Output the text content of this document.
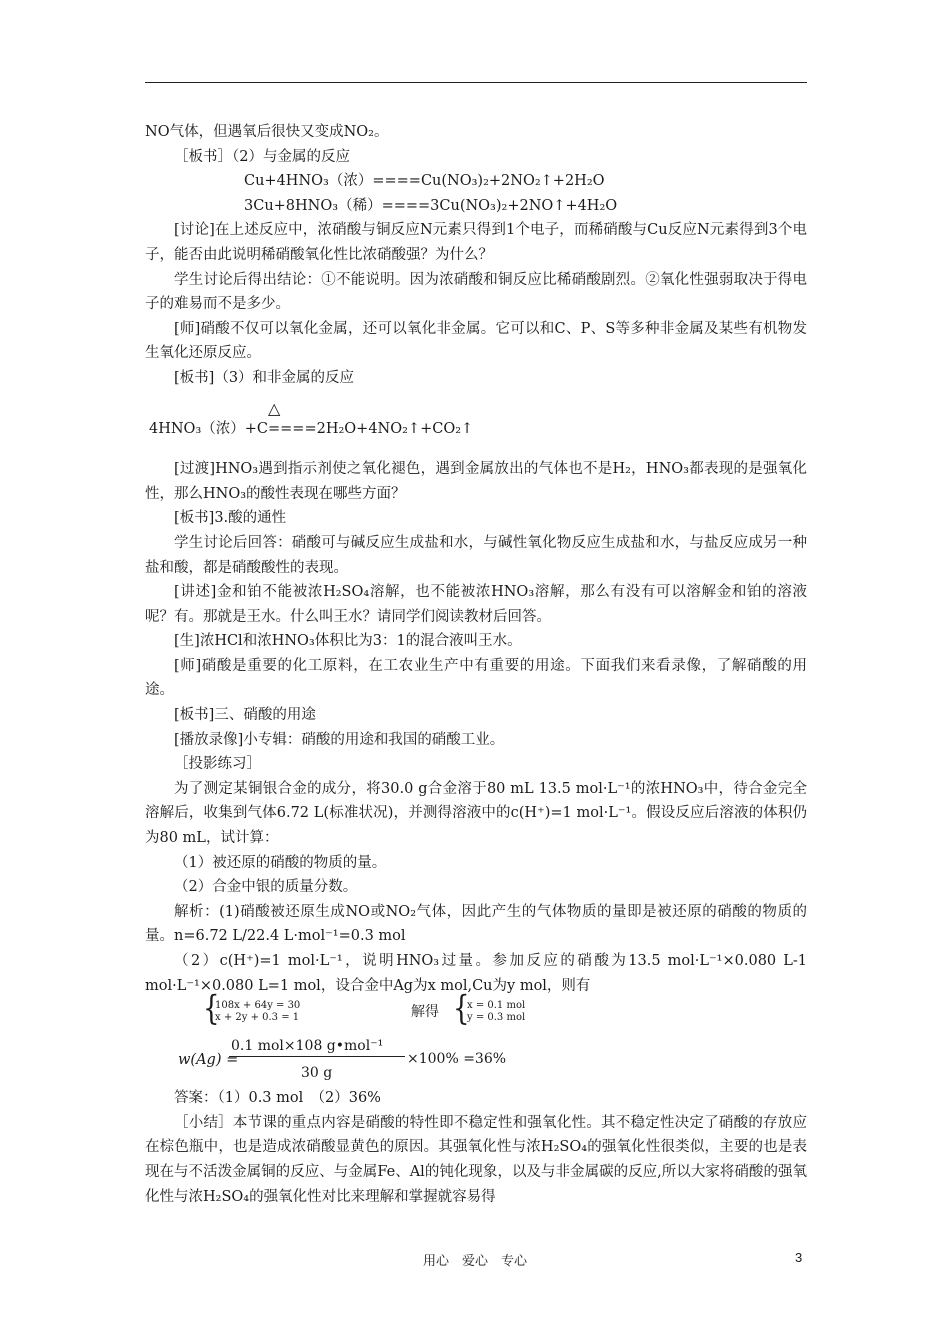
NO气体，但遇氧后很快又变成NO₂。

［板书］（2）与金属的反应

Cu+4HNO₃（浓）====Cu(NO₃)₂+2NO₂↑+2H₂O

3Cu+8HNO₃（稀）====3Cu(NO₃)₂+2NO↑+4H₂O

[讨论]在上述反应中，浓硝酸与铜反应N元素只得到1个电子，而稀硝酸与Cu反应N元素得到3个电子，能否由此说明稀硝酸氧化性比浓硝酸强？为什么？

学生讨论后得出结论：①不能说明。因为浓硝酸和铜反应比稀硝酸剧烈。②氧化性强弱取决于得电子的难易而不是多少。

[师]硝酸不仅可以氧化金属，还可以氧化非金属。它可以和C、P、S等多种非金属及某些有机物发生氧化还原反应。

[板书]（3）和非金属的反应

△

4HNO₃（浓）+C====2H₂O+4NO₂↑+CO₂↑

[过渡]HNO₃遇到指示剂使之氧化褪色，遇到金属放出的气体也不是H₂，HNO₃都表现的是强氧化性，那么HNO₃的酸性表现在哪些方面？

[板书]3.酸的通性

学生讨论后回答：硝酸可与碱反应生成盐和水，与碱性氧化物反应生成盐和水，与盐反应成另一种盐和酸，都是硝酸酸性的表现。

[讲述]金和铂不能被浓H₂SO₄溶解，也不能被浓HNO₃溶解，那么有没有可以溶解金和铂的溶液呢？有。那就是王水。什么叫王水？请同学们阅读教材后回答。

[生]浓HCl和浓HNO₃体积比为3：1的混合液叫王水。

[师]硝酸是重要的化工原料，在工农业生产中有重要的用途。下面我们来看录像，了解硝酸的用途。

[板书]三、硝酸的用途

[播放录像]小专辑：硝酸的用途和我国的硝酸工业。

［投影练习］

为了测定某铜银合金的成分，将30.0 g合金溶于80 mL 13.5 mol·L⁻¹的浓HNO₃中，待合金完全溶解后，收集到气体6.72 L(标准状况)，并测得溶液中的c(H⁺)=1 mol·L⁻¹。假设反应后溶液的体积仍为80 mL，试计算：

（1）被还原的硝酸的物质的量。

（2）合金中银的质量分数。

解析：(1)硝酸被还原生成NO或NO₂气体，因此产生的气体物质的量即是被还原的硝酸的物质的量。n=6.72 L/22.4 L·mol⁻¹=0.3 mol

（2）c(H⁺)=1 mol·L⁻¹，说明HNO₃过量。参加反应的硝酸为13.5 mol·L⁻¹×0.080 L-1 mol·L⁻¹×0.080 L=1 mol，设合金中Ag为x mol,Cu为y mol，则有

{
108x + 64y = 30
x + 2y + 0.3 = 1	解得 {
x = 0.1 mol
y = 0.3 mol
w(Ag) =
0.1 mol×108 g•mol⁻¹
30 g
×100% =36%

答案：（1）0.3 mol　（2）36%

［小结］本节课的重点内容是硝酸的特性即不稳定性和强氧化性。其不稳定性决定了硝酸的存放应在棕色瓶中，也是造成浓硝酸显黄色的原因。其强氧化性与浓H₂SO₄的强氧化性很类似，主要的也是表现在与不活泼金属铜的反应、与金属Fe、Al的钝化现象，以及与非金属碳的反应,所以大家将硝酸的强氧化性与浓H₂SO₄的强氧化性对比来理解和掌握就容易得

用心　爱心　专心	3
